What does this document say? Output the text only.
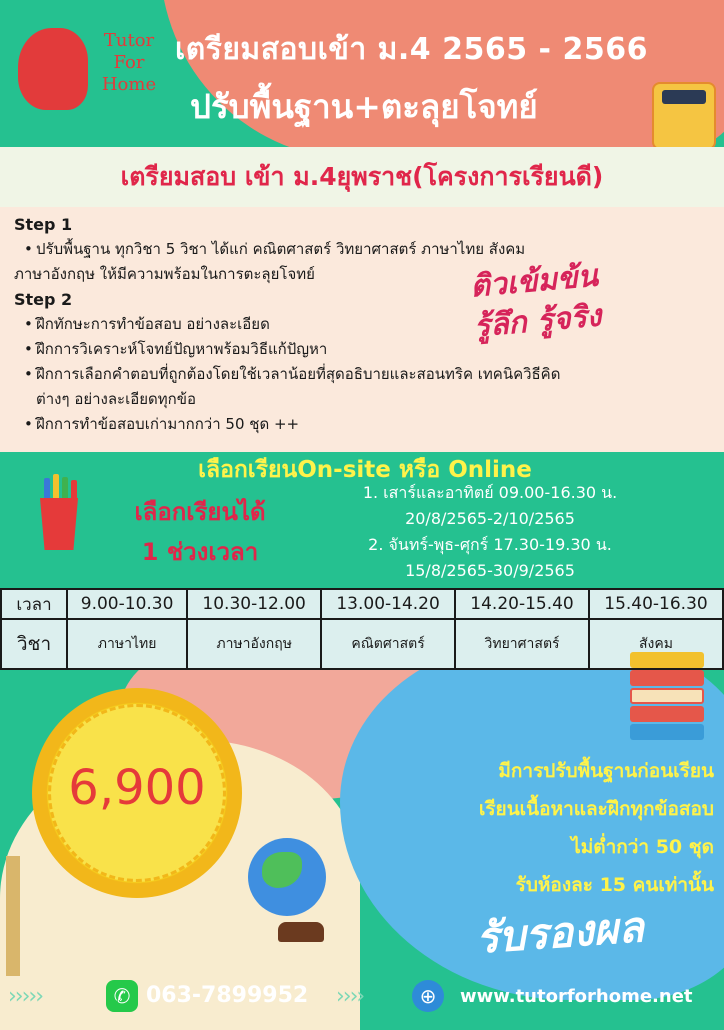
Tutor
For
Home
เตรียมสอบเข้า ม.4 2565 - 2566
ปรับพื้นฐาน+ตะลุยโจทย์
เตรียมสอบ เข้า ม.4ยุพราช(โครงการเรียนดี)
Step 1
• ปรับพื้นฐาน ทุกวิชา 5 วิชา ได้แก่ คณิตศาสตร์ วิทยาศาสตร์ ภาษาไทย สังคม
ภาษาอังกฤษ ให้มีความพร้อมในการตะลุยโจทย์
Step 2
• ฝึกทักษะการทำข้อสอบ อย่างละเอียด
• ฝึกการวิเคราะห์โจทย์ปัญหาพร้อมวิธีแก้ปัญหา
• ฝึกการเลือกคำตอบที่ถูกต้องโดยใช้เวลาน้อยที่สุดอธิบายและสอนทริค เทคนิควิธีคิด
ต่างๆ อย่างละเอียดทุกข้อ
• ฝึกการทำข้อสอบเก่ามากกว่า 50 ชุด ++
ติวเข้มข้น
รู้ลึก รู้จริง
เลือกเรียนOn-site หรือ Online
เลือกเรียนได้
1 ช่วงเวลา
1. เสาร์และอาทิตย์ 09.00-16.30 น.
20/8/2565-2/10/2565
2. จันทร์-พุธ-ศุกร์ 17.30-19.30 น.
15/8/2565-30/9/2565
เวลา	9.00-10.30	10.30-12.00	13.00-14.20	14.20-15.40	15.40-16.30
วิชา	ภาษาไทย	ภาษาอังกฤษ	คณิตศาสตร์	วิทยาศาสตร์	สังคม
6,900	มีการปรับพื้นฐานก่อนเรียน
เรียนเนื้อหาและฝึกทุกข้อสอบ
ไม่ต่ำกว่า 50 ชุด
รับห้องละ 15 คนเท่านั้น
รับรองผล
›››››	✆ 063-7899952 ››››	⊕	www.tutorforhome.net
